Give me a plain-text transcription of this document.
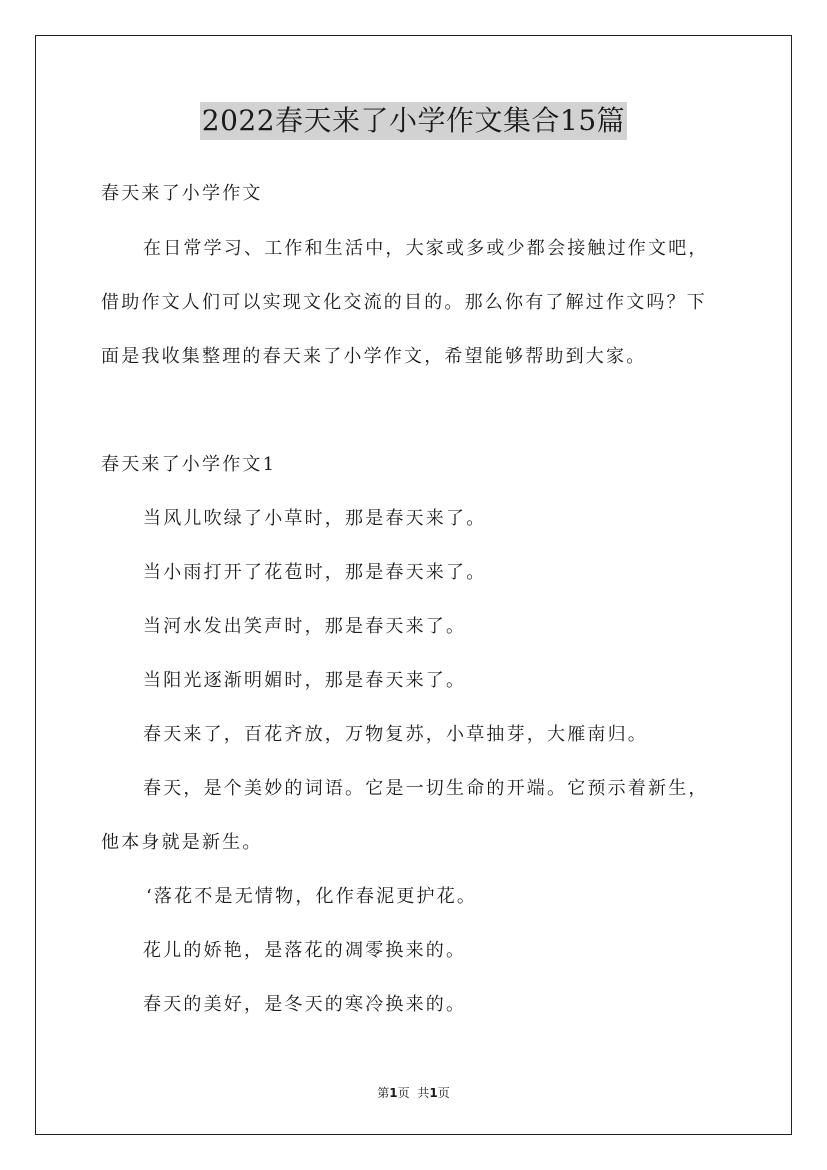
2022春天来了小学作文集合15篇
春天来了小学作文
在日常学习、工作和生活中，大家或多或少都会接触过作文吧，
借助作文人们可以实现文化交流的目的。那么你有了解过作文吗？下
面是我收集整理的春天来了小学作文，希望能够帮助到大家。
春天来了小学作文1
当风儿吹绿了小草时，那是春天来了。
当小雨打开了花苞时，那是春天来了。
当河水发出笑声时，那是春天来了。
当阳光逐渐明媚时，那是春天来了。
春天来了，百花齐放，万物复苏，小草抽芽，大雁南归。
春天，是个美妙的词语。它是一切生命的开端。它预示着新生，
他本身就是新生。
‘落花不是无情物，化作春泥更护花。
花儿的娇艳，是落花的凋零换来的。
春天的美好，是冬天的寒冷换来的。
第1页 共1页
